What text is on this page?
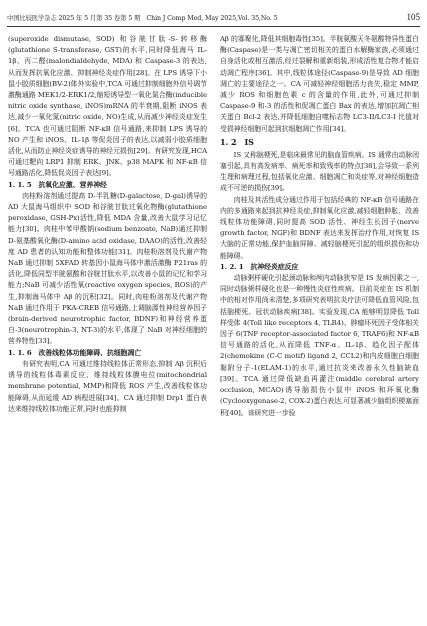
中国比较医学杂志 2025 年 5 月第 35 卷第 5 期　Chin J Comp Med, May 2025,Vol. 35,No. 5	105

(superoxide dismutase, SOD) 和谷胱甘肽-S-转移酶(glutathione S-transferase, GST)的水平,同时降低海马 IL-1β、丙二醛(malondialdehyde, MDA) 和 Caspase-3 的表达,从而发挥抗氧化应激、抑制神经炎症作用[28]。在 LPS 诱导下小鼠小胶质细胞(BV-2)体外实验中,TCA 可通过抑制细胞外信号调节激酶通路 MEK1/2-ERK1/2,缩短诱导型一氧化氮合酶(inducible nitric oxide synthase, iNOS)mRNA 的半衰期,阻断 iNOS 表达,减少一氧化氮(nitric oxide, NO)生成,从而减少神经炎症发生[6]。TCA 也可通过阻断 NF-κB 信号通路,来抑制 LPS 诱导的 NO 产生和 iNOS、IL-1β 等促炎因子的表达,以减弱小胶质细胞活化,从而防止神经炎症诱导的神经元损伤[29]。有研究发现,HCA 可通过靶向 LRP1 抑制 ERK、JNK、p38 MAPK 和 NF-κB 信号通路活化,降低促炎因子表达[9]。

1. 1. 5　抗氧化应激、营养神经

　　肉桂粉溶剂通过提高 D-半乳糖(D-galactose, D-gal)诱导的 AD 大鼠海马组织中 SOD 和谷胱甘肽过氧化物酶(glutathione peroxidase, GSH-Px)活性,降低 MDA 含量,改善大鼠学习记忆能力[30]。肉桂中苯甲酸钠(sodium benzoate, NaB)通过抑制 D-氨基酸氧化酶(D-amino acid oxidase, DAAO)的活性,改善轻度 AD 患者的认知功能和整体功能[31]。肉桂粉溶剂及代谢产物 NaB 通过抑制 5XFAD 转基因小鼠海马体中激活激酶 P21ras 的活化,降低同型半胱氨酸和谷胱甘肽水平,以改善小鼠的记忆和学习能力;NaB 可减少活性氧(reactive oxygen species, ROS)的产生,抑制海马体中 Aβ 的沉积[32]。同时,肉桂粉溶剂及代谢产物 NaB 通过作用于 PKA-CREB 信号通路,上调脑源性神经营养因子(brain-derived neurotrophic factor, BDNF)和神经营养蛋白-3(neurotrophin-3, NT-3)的水平,体现了 NaB 对神经细胞的营养特性[33]。

1. 1. 6　改善线粒体功能障碍、抗细胞凋亡

　　有研究表明,CA 可通过维持线粒体正常形态,抑制 Aβ 沉积后诱导的线粒体毒素反应、维持线粒体膜电位(mitochondrial membrane potential, MMP)和降低 ROS 产生,改善线粒体功能障碍,从而延缓 AD 病程进展[34]。CA 通过抑制 Drp1 蛋白表达来维持线粒体功能正常,同时也能抑制

Aβ 的寡聚化,降低其细胞毒性[35]。半胱氨酸天冬氨酸特异性蛋白酶(Caspase)是一类与凋亡密切相关的蛋白水解酶家族,必须通过自身活化或相互激活,经过裂解和重新组装,形成活性复合物才能启动凋亡程序[36]。其中,线粒体途径(Caspase-9)是导致 AD 细胞凋亡的主要途径之一。CA 可减轻神经细胞活力丧失,稳定 MMP,减少 ROS 和细胞色素 c 的含量的作用,此外,可通过抑制 Caspase-9 和-3 的活性和促凋亡蛋白 Bax 的表达,增加抗凋亡相关蛋白 Bcl-2 表达,并降低细胞自噬标志物 LC3-II/LC3-I 比值对受损神经细胞可起到抗细胞凋亡作用[34]。

1. 2　IS

　　IS 又称脑梗死,是临床最常见的脑血管疾病。IS 通常由动脉闭塞引起,具有高发病率、病死率和致残率的特点[38],会导致一系列生理和病理过程,包括氧化应激、细胞凋亡和炎症等,对神经细胞造成不可逆的损伤[39]。

　　肉桂及其活性成分通过作用于包括经典的 NF-κB 信号通路在内的多通路来起到抗神经炎症,抑制氧化应激,减轻细胞肿胀、改善线粒体功能障碍,同时提高 SOD 活性、神经生长因子(nerve growth factor, NGF)和 BDNF 表达来发挥治疗作用,对恢复 IS 大脑的正常功能,保护血脑屏障、减轻脑梗死引起的组织损伤和功能障碍。

1. 2. 1　抗神经炎症反应

　　动脉粥样硬化引起颈动脉和颅内动脉狭窄是 IS 发病因素之一,同时动脉粥样硬化也是一种慢性炎症性疾病。目前炎症在 IS 机制中的相对作用尚未清楚,多项研究表明抗炎疗法可降低血管风险,包括脑梗死、冠状动脉疾病[38]。实验发现,CA 能够明显降低 Toll 样受体 4(Toll like receptors 4, TLR4)、肿瘤坏死因子受体相关因子 6(TNF receptor-associated factor 6, TRAF6)和 NF-κB 信号通路的活化,从而降低 TNF-α、IL-1β、趋化因子配体 2(chemokine (C-C motif) ligand 2, CCL2)和内皮细胞白细胞黏附分子-1(ELAM-1)的水平,通过抗炎来改善永久性脑缺血[39]。TCA 通过降低缺血再灌注(middle cerebral artery occlusion, MCAO)诱导脑损伤小鼠中 iNOS 和环氧化酶(Cyclooxygenase-2, COX-2)蛋白表达,可显著减少脑组织梗塞面积[40]。该研究进一步验
